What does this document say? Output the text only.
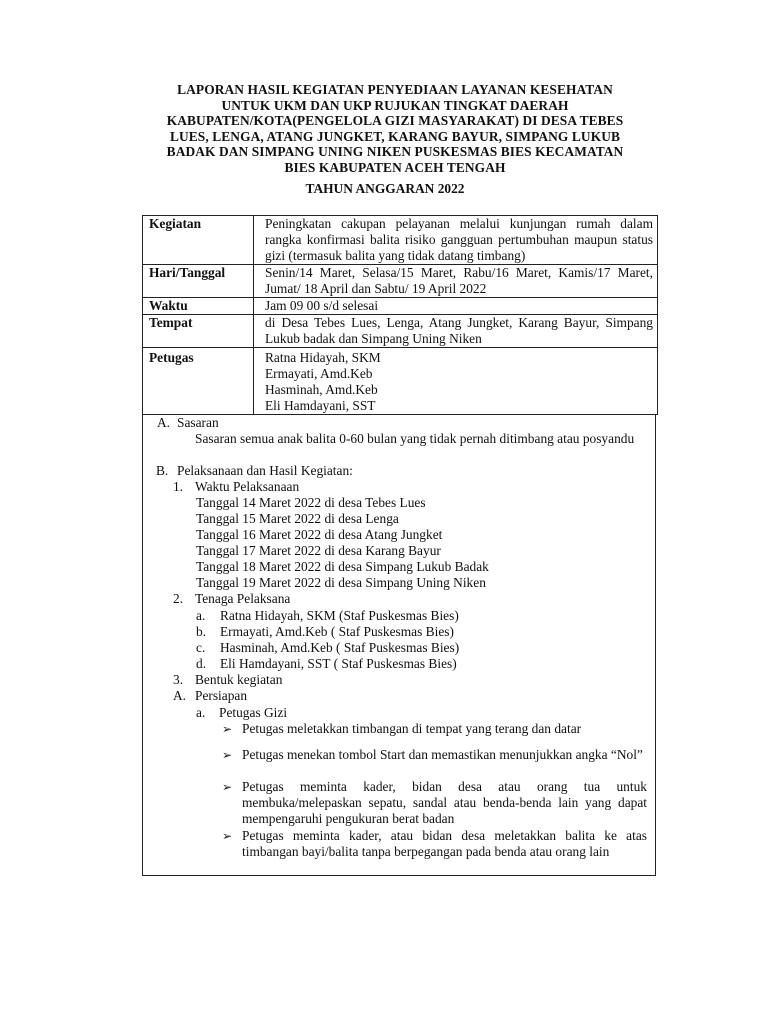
LAPORAN HASIL KEGIATAN PENYEDIAAN LAYANAN KESEHATAN
UNTUK UKM DAN UKP RUJUKAN TINGKAT DAERAH
KABUPATEN/KOTA(PENGELOLA GIZI MASYARAKAT) DI DESA TEBES
LUES, LENGA, ATANG JUNGKET, KARANG BAYUR, SIMPANG LUKUB
BADAK DAN SIMPANG UNING NIKEN PUSKESMAS BIES KECAMATAN
BIES KABUPATEN ACEH TENGAH
TAHUN ANGGARAN 2022
Kegiatan	Peningkatan cakupan pelayanan melalui kunjungan rumah dalam rangka konfirmasi balita risiko gangguan pertumbuhan maupun status gizi (termasuk balita yang tidak datang timbang)
Hari/Tanggal	Senin/14 Maret, Selasa/15 Maret, Rabu/16 Maret, Kamis/17 Maret, Jumat/ 18 April dan Sabtu/ 19 April 2022
Waktu	Jam 09 00 s/d selesai
Tempat	di Desa Tebes Lues, Lenga, Atang Jungket, Karang Bayur, Simpang Lukub badak dan Simpang Uning Niken
Petugas	Ratna Hidayah, SKM
Ermayati, Amd.Keb
Hasminah, Amd.Keb
Eli Hamdayani, SST
A. Sasaran
Sasaran semua anak balita 0-60 bulan yang tidak pernah ditimbang atau posyandu
B. Pelaksanaan dan Hasil Kegiatan:
1. Waktu Pelaksanaan
Tanggal 14 Maret 2022 di desa Tebes Lues
Tanggal 15 Maret 2022 di desa Lenga
Tanggal 16 Maret 2022 di desa Atang Jungket
Tanggal 17 Maret 2022 di desa Karang Bayur
Tanggal 18 Maret 2022 di desa Simpang Lukub Badak
Tanggal 19 Maret 2022 di desa Simpang Uning Niken
2. Tenaga Pelaksana
a. Ratna Hidayah, SKM (Staf Puskesmas Bies)
b. Ermayati, Amd.Keb ( Staf Puskesmas Bies)
c. Hasminah, Amd.Keb ( Staf Puskesmas Bies)
d. Eli Hamdayani, SST ( Staf Puskesmas Bies)
3. Bentuk kegiatan
A. Persiapan
a. Petugas Gizi
➢ Petugas meletakkan timbangan di tempat yang terang dan datar
➢ Petugas menekan tombol Start dan memastikan menunjukkan angka “Nol”
➢ Petugas meminta kader, bidan desa atau orang tua untuk membuka/melepaskan sepatu, sandal atau benda-benda lain yang dapat mempengaruhi pengukuran berat badan
➢ Petugas meminta kader, atau bidan desa meletakkan balita ke atas timbangan bayi/balita tanpa berpegangan pada benda atau orang lain
